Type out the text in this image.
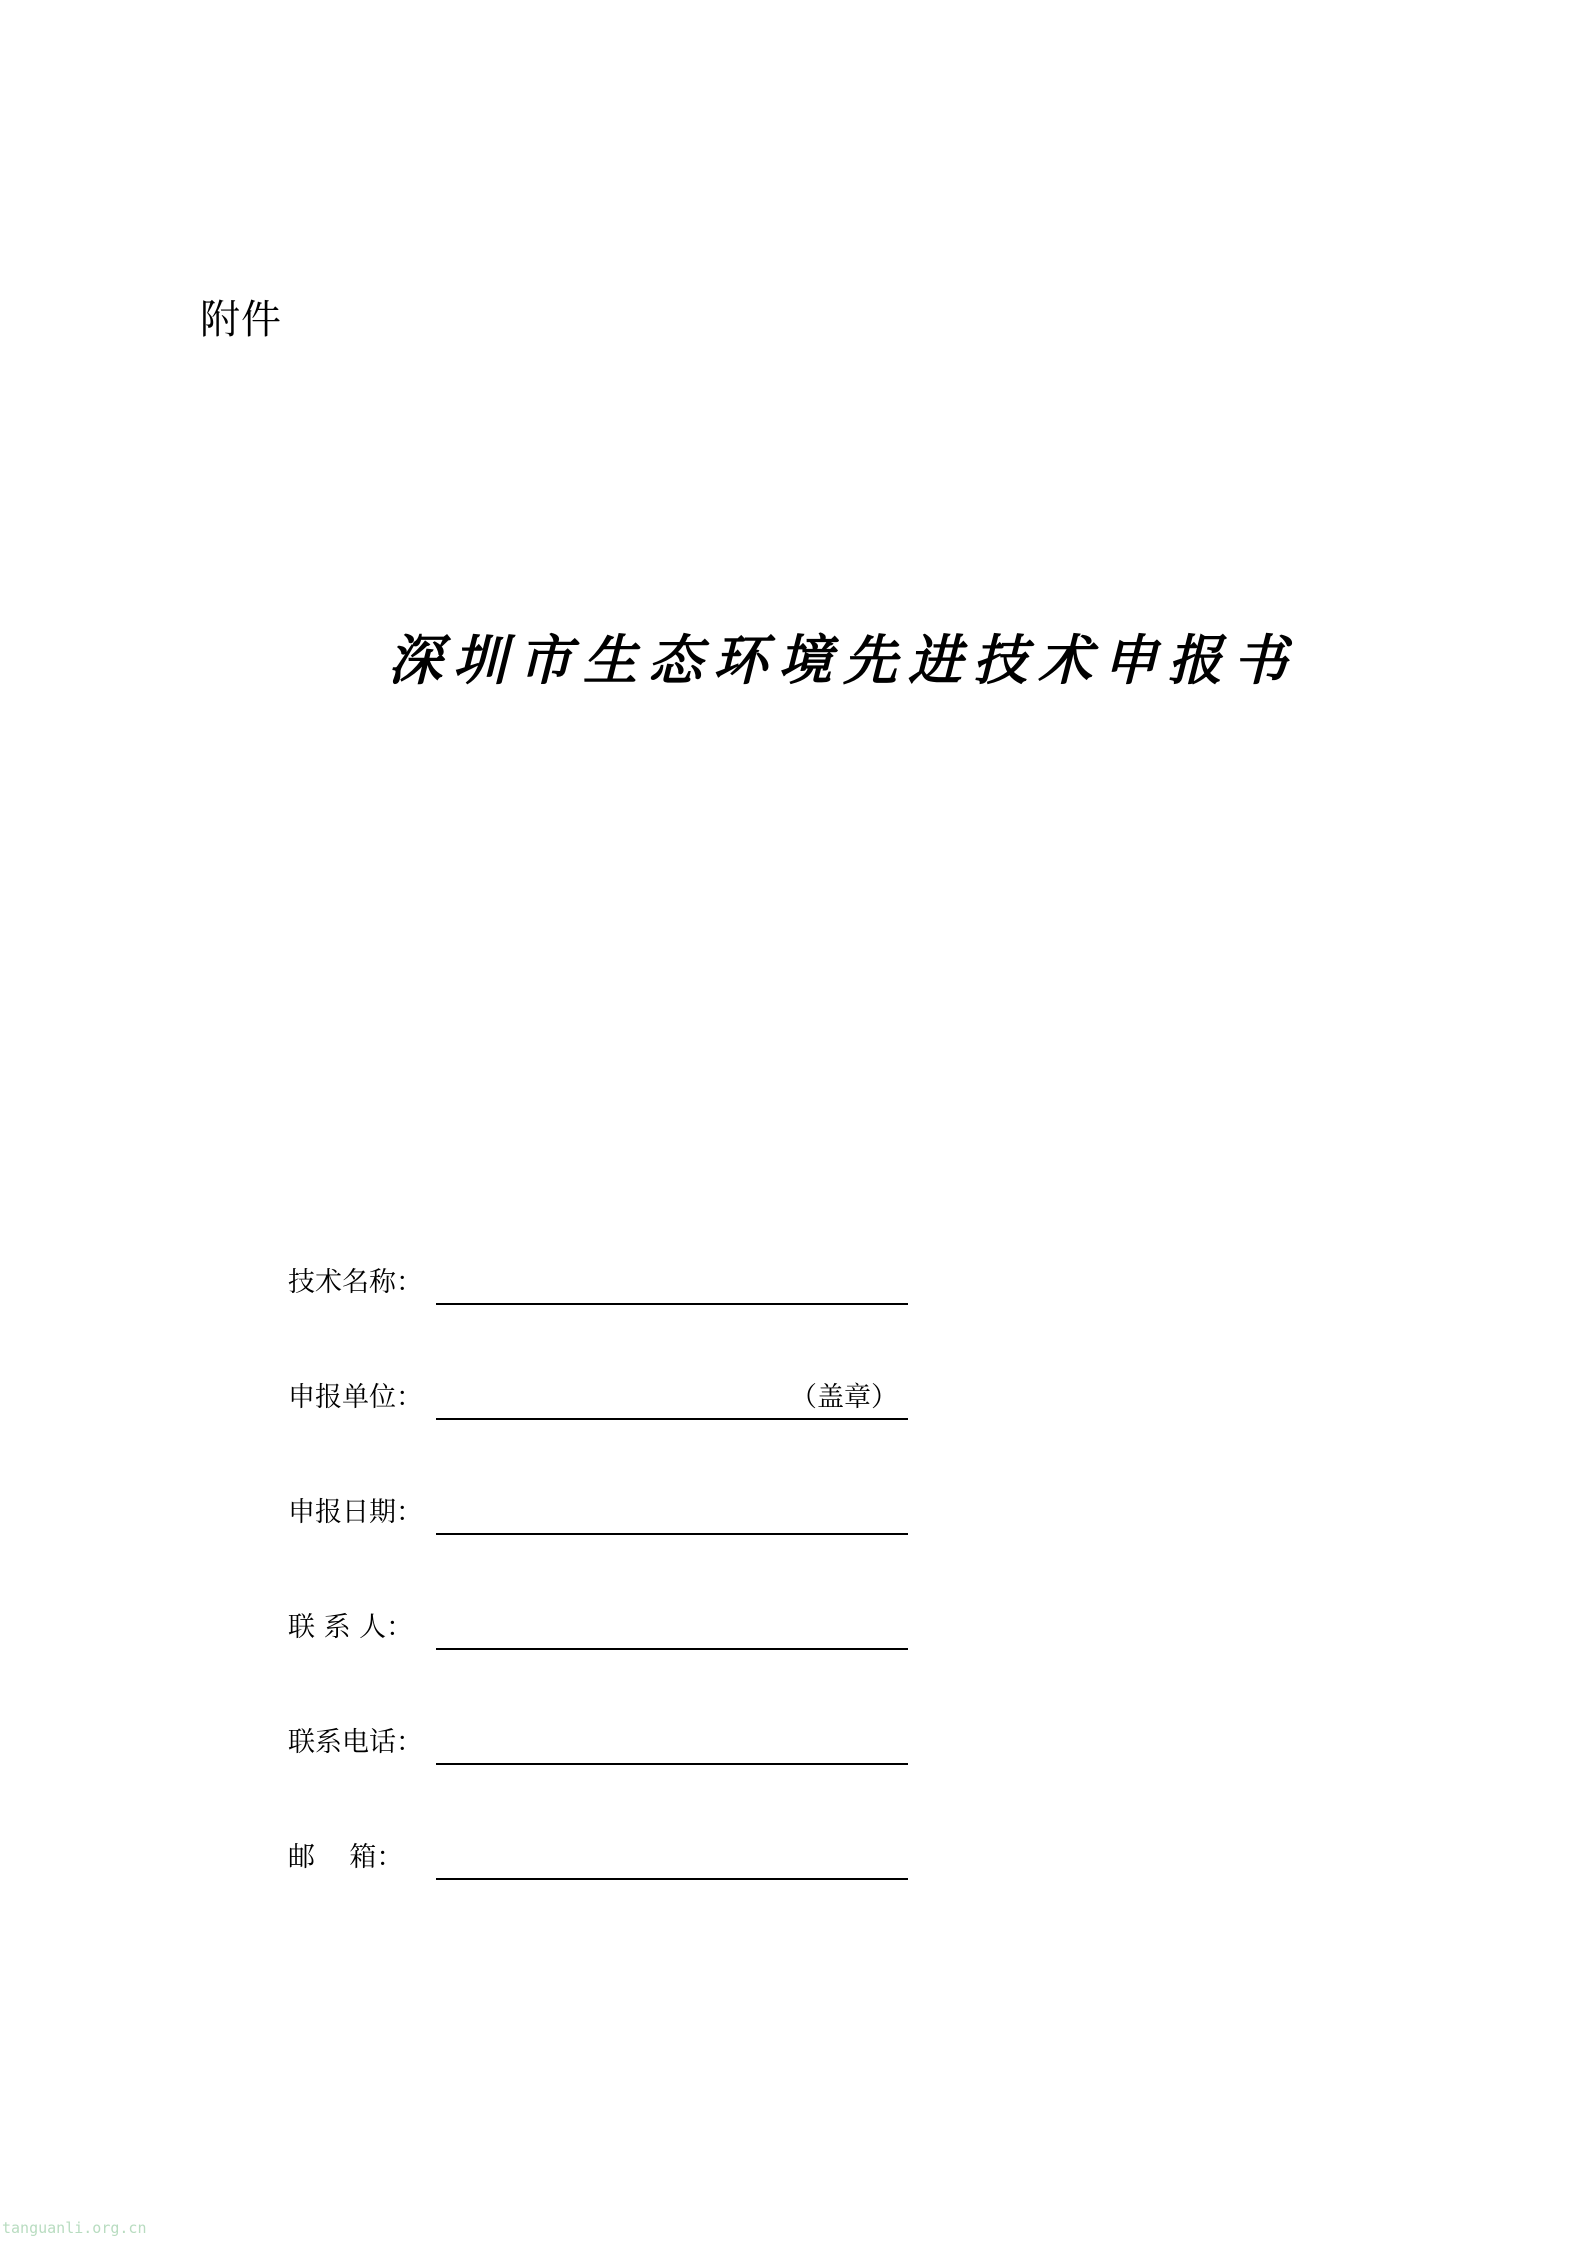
附件
深圳市生态环境先进技术申报书
技术名称：
申报单位：	（盖章）
申报日期：
联 系 人：
联系电话：
邮    箱：
tanguanli.org.cn
